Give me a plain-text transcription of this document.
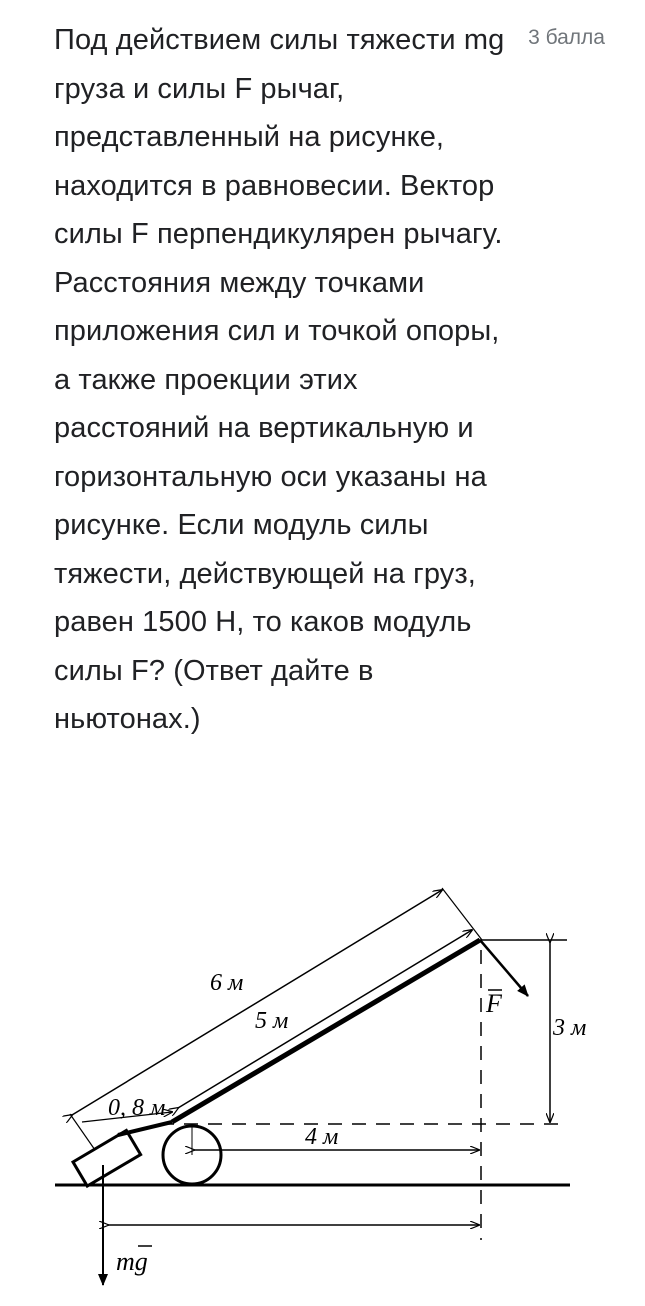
Под действием силы тяжести mg груза и силы F рычаг, представленный на рисунке, находится в равновесии. Вектор силы F перпендикулярен рычагу. Расстояния между точками приложения сил и точкой опоры, а также проекции этих расстояний на вертикальную и горизонтальную оси указаны на рисунке. Если модуль силы тяжести, действующей на груз, равен 1500 Н, то каков модуль силы F? (Ответ дайте в ньютонах.)
3 балла
3 м
6 м
5 м
0, 8 м
4 м
mg
F
